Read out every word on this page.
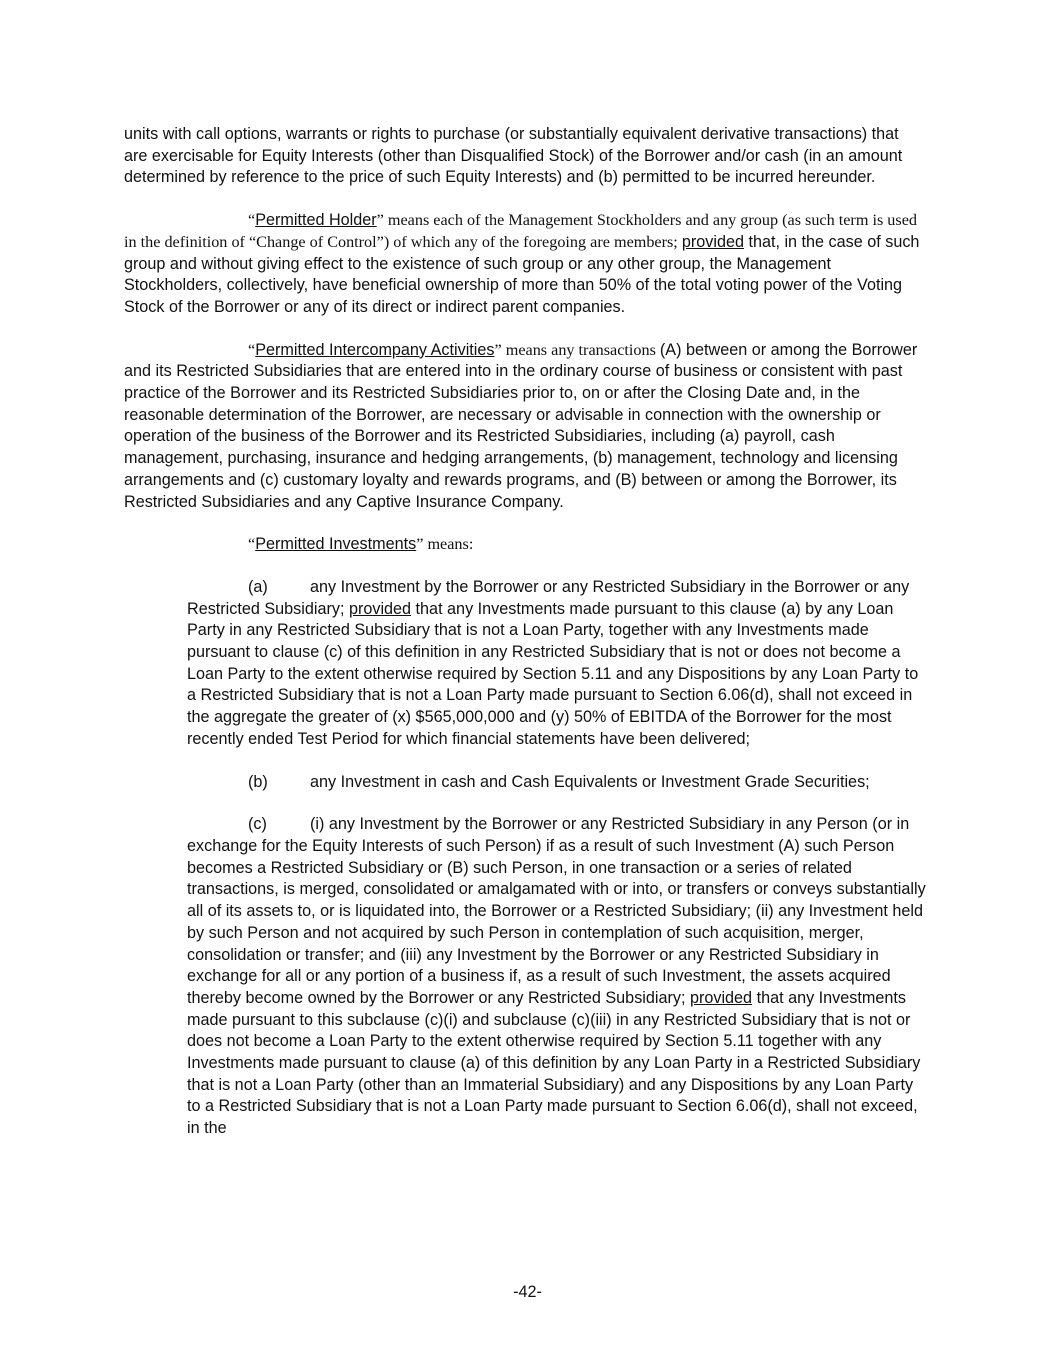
units with call options, warrants or rights to purchase (or substantially equivalent derivative transactions) that are exercisable for Equity Interests (other than Disqualified Stock) of the Borrower and/or cash (in an amount determined by reference to the price of such Equity Interests) and (b) permitted to be incurred hereunder.

“Permitted Holder” means each of the Management Stockholders and any group (as such term is used in the definition of “Change of Control”) of which any of the foregoing are members; provided that, in the case of such group and without giving effect to the existence of such group or any other group, the Management Stockholders, collectively, have beneficial ownership of more than 50% of the total voting power of the Voting Stock of the Borrower or any of its direct or indirect parent companies.

“Permitted Intercompany Activities” means any transactions (A) between or among the Borrower and its Restricted Subsidiaries that are entered into in the ordinary course of business or consistent with past practice of the Borrower and its Restricted Subsidiaries prior to, on or after the Closing Date and, in the reasonable determination of the Borrower, are necessary or advisable in connection with the ownership or operation of the business of the Borrower and its Restricted Subsidiaries, including (a) payroll, cash management, purchasing, insurance and hedging arrangements, (b) management, technology and licensing arrangements and (c) customary loyalty and rewards programs, and (B) between or among the Borrower, its Restricted Subsidiaries and any Captive Insurance Company.

“Permitted Investments” means:

(a)	any Investment by the Borrower or any Restricted Subsidiary in the Borrower or any Restricted Subsidiary; provided that any Investments made pursuant to this clause (a) by any Loan Party in any Restricted Subsidiary that is not a Loan Party, together with any Investments made pursuant to clause (c) of this definition in any Restricted Subsidiary that is not or does not become a Loan Party to the extent otherwise required by Section 5.11 and any Dispositions by any Loan Party to a Restricted Subsidiary that is not a Loan Party made pursuant to Section 6.06(d), shall not exceed in the aggregate the greater of (x) $565,000,000 and (y) 50% of EBITDA of the Borrower for the most recently ended Test Period for which financial statements have been delivered;

(b)	any Investment in cash and Cash Equivalents or Investment Grade Securities;

(c)	(i) any Investment by the Borrower or any Restricted Subsidiary in any Person (or in exchange for the Equity Interests of such Person) if as a result of such Investment (A) such Person becomes a Restricted Subsidiary or (B) such Person, in one transaction or a series of related transactions, is merged, consolidated or amalgamated with or into, or transfers or conveys substantially all of its assets to, or is liquidated into, the Borrower or a Restricted Subsidiary; (ii) any Investment held by such Person and not acquired by such Person in contemplation of such acquisition, merger, consolidation or transfer; and (iii) any Investment by the Borrower or any Restricted Subsidiary in exchange for all or any portion of a business if, as a result of such Investment, the assets acquired thereby become owned by the Borrower or any Restricted Subsidiary; provided that any Investments made pursuant to this subclause (c)(i) and subclause (c)(iii) in any Restricted Subsidiary that is not or does not become a Loan Party to the extent otherwise required by Section 5.11 together with any Investments made pursuant to clause (a) of this definition by any Loan Party in a Restricted Subsidiary that is not a Loan Party (other than an Immaterial Subsidiary) and any Dispositions by any Loan Party to a Restricted Subsidiary that is not a Loan Party made pursuant to Section 6.06(d), shall not exceed, in the

-42-
